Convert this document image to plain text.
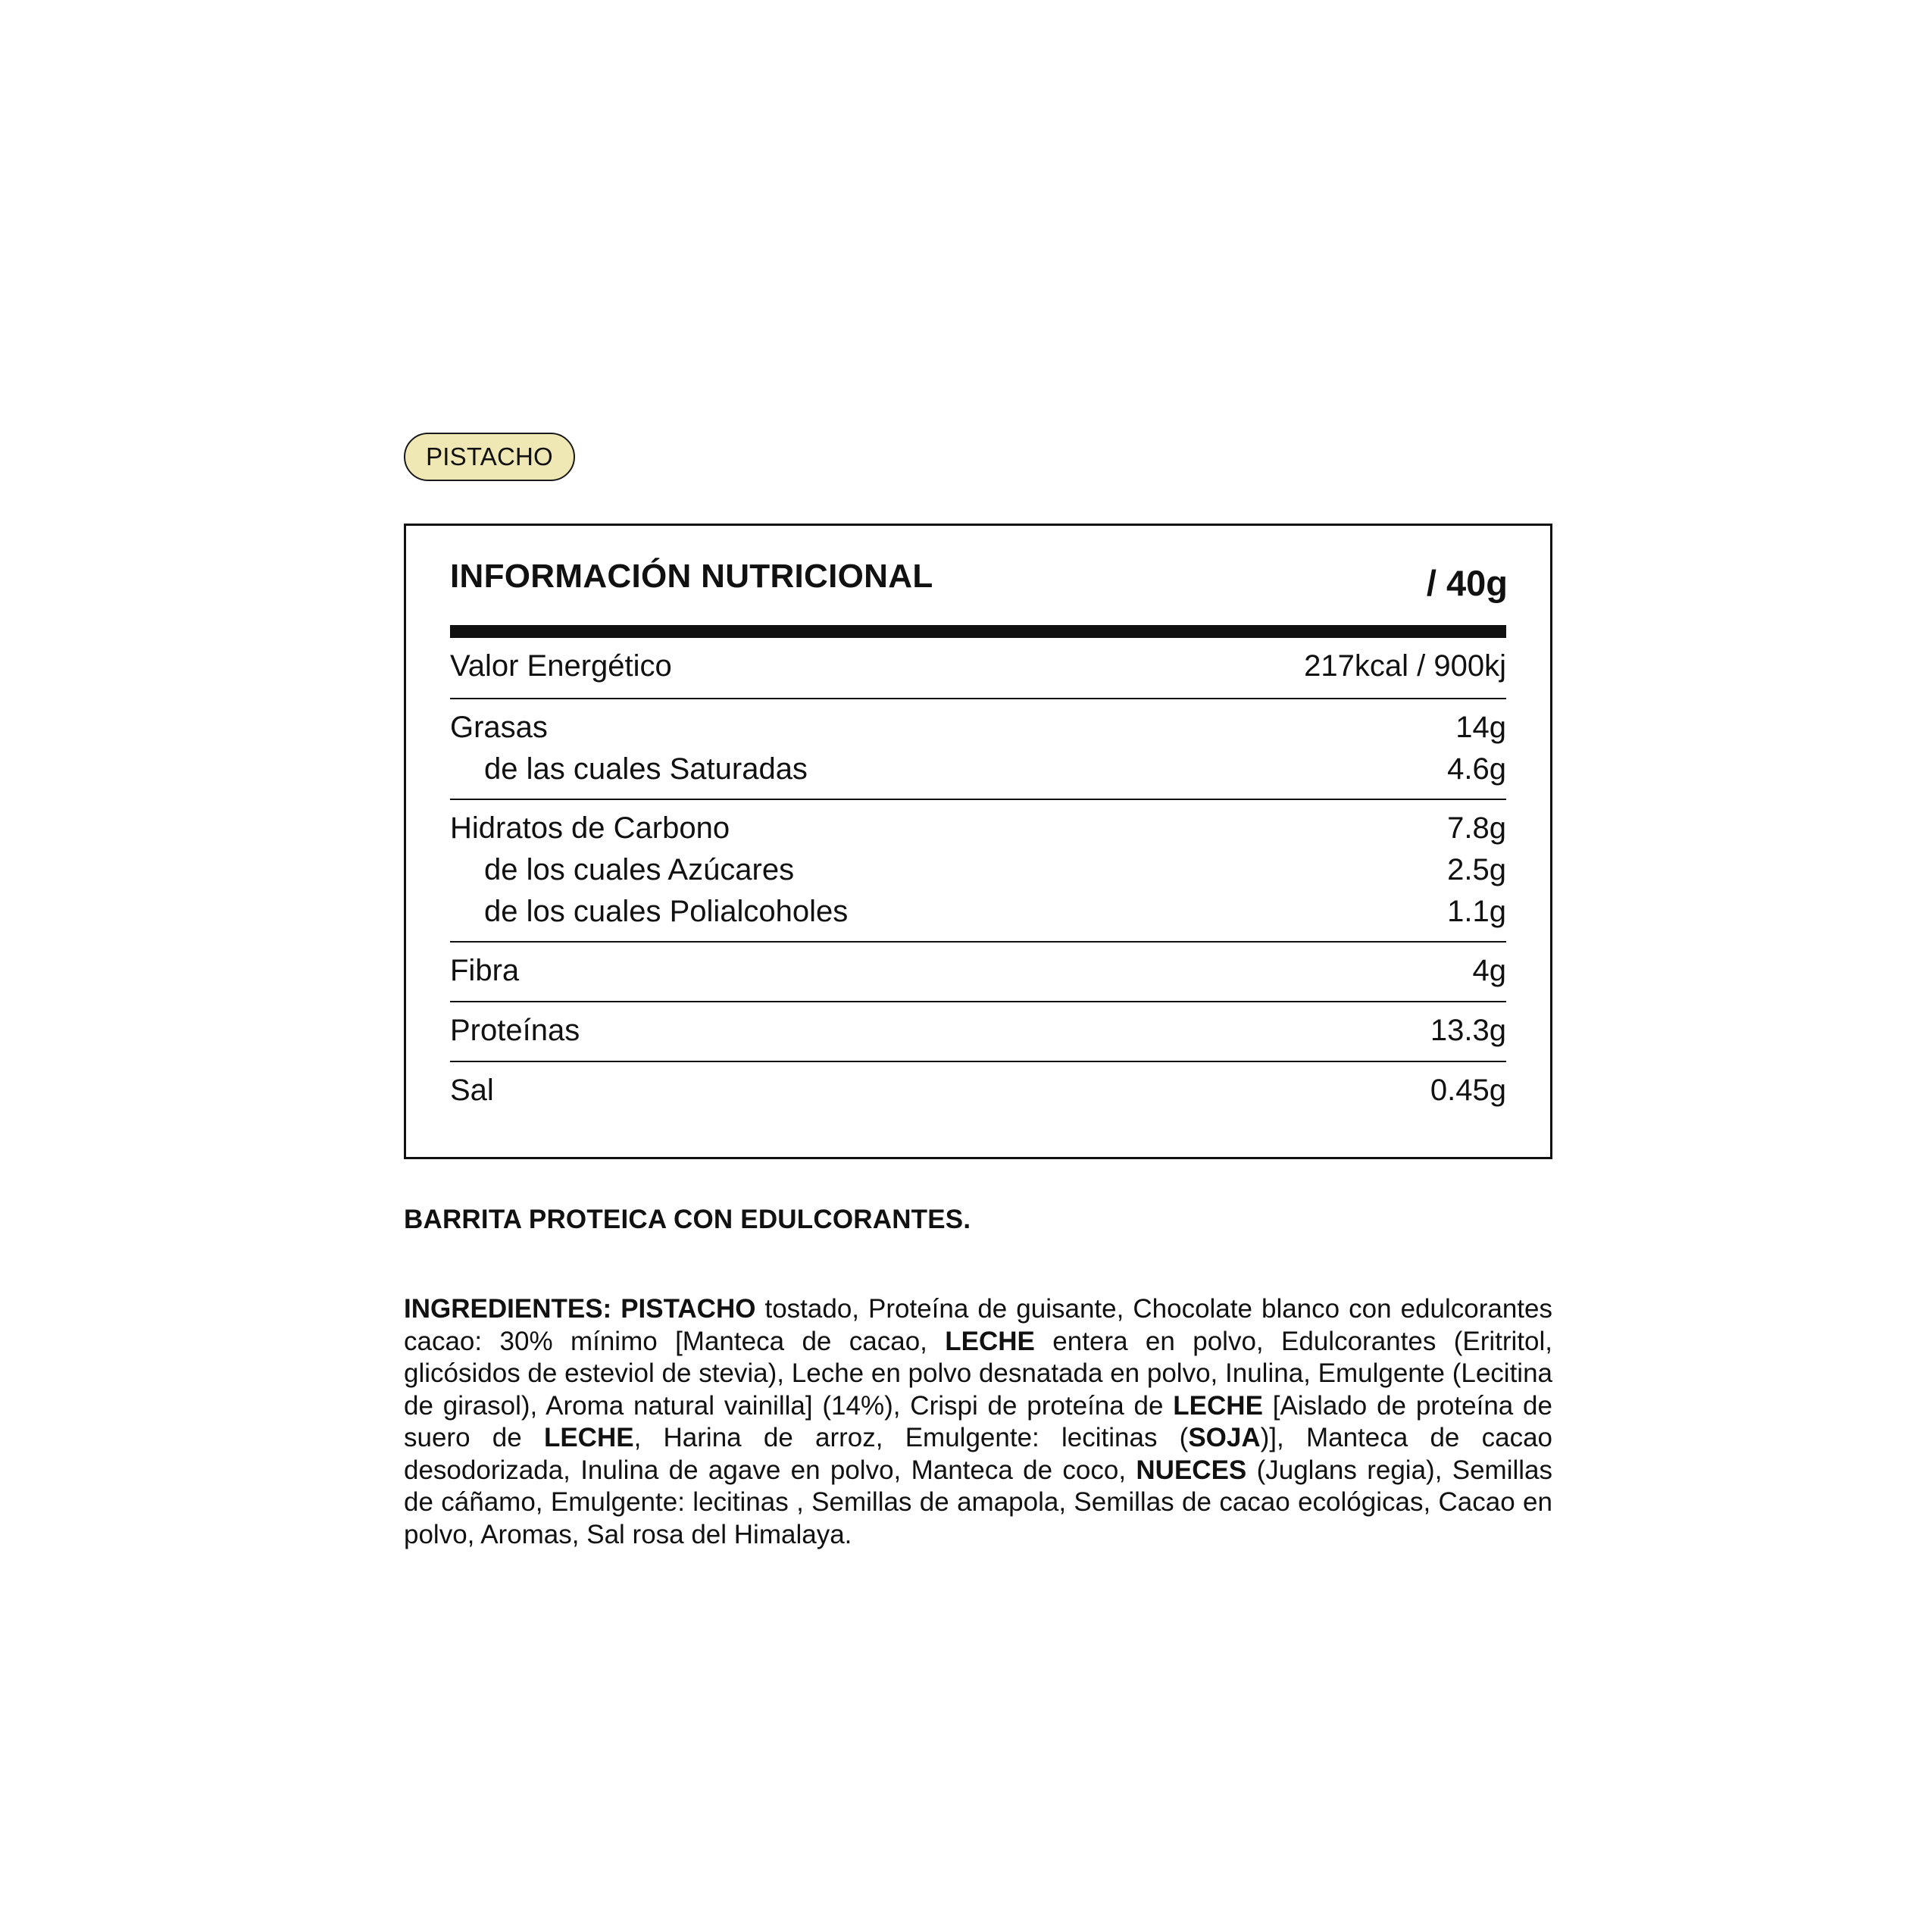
PISTACHO
INFORMACIÓN NUTRICIONAL	/ 40g
Valor Energético	217kcal / 900kj
Grasas	14g
de las cuales Saturadas	4.6g
Hidratos de Carbono	7.8g
de los cuales Azúcares	2.5g
de los cuales Polialcoholes	1.1g
Fibra	4g
Proteínas	13.3g
Sal	0.45g
BARRITA PROTEICA CON EDULCORANTES.

INGREDIENTES: PISTACHO tostado, Proteína de guisante, Chocolate blanco con edulcorantes cacao: 30% mínimo [Manteca de cacao, LECHE entera en polvo, Edulcorantes (Eritritol, glicósidos de esteviol de stevia), Leche en polvo desnatada en polvo, Inulina, Emulgente (Lecitina de girasol), Aroma natural vainilla] (14%), Crispi de proteína de LECHE [Aislado de proteína de suero de LECHE, Harina de arroz, Emulgente: lecitinas (SOJA)], Manteca de cacao desodorizada, Inulina de agave en polvo, Manteca de coco, NUECES (Juglans regia), Semillas de cáñamo, Emulgente: lecitinas , Semillas de amapola, Semillas de cacao ecológicas, Cacao en polvo, Aromas, Sal rosa del Himalaya.
